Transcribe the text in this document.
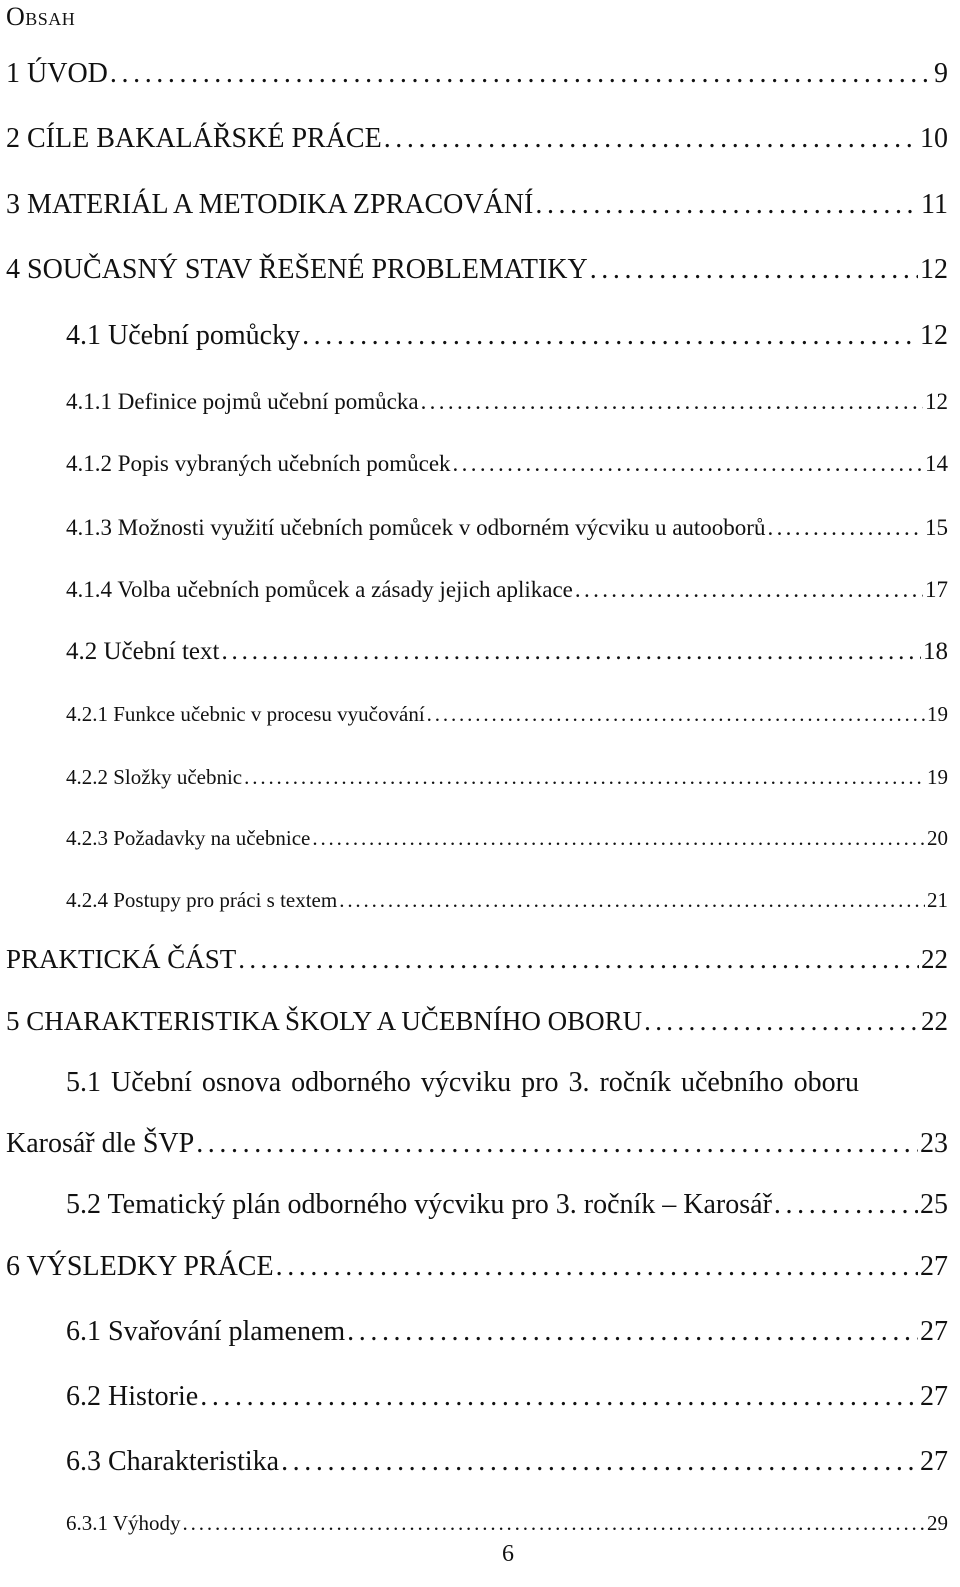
Obsah
1 ÚVOD . . .	9
2 CÍLE BAKALÁŘSKÉ PRÁCE . . .	10
3 MATERIÁL A METODIKA ZPRACOVÁNÍ . . .	11
4 SOUČASNÝ STAV ŘEŠENÉ PROBLEMATIKY . . .	12
4.1 Učební pomůcky . . .	12
4.1.1 Definice pojmů učební pomůcka . . .	12
4.1.2 Popis vybraných učebních pomůcek . . .	14
4.1.3 Možnosti využití učebních pomůcek v odborném výcviku u autooborů . . .	15
4.1.4 Volba učebních pomůcek a zásady jejich aplikace . . .	17
4.2 Učební text . . .	18
4.2.1 Funkce učebnic v procesu vyučování . . .	19
4.2.2 Složky učebnic . . .	19
4.2.3 Požadavky na učebnice . . .	20
4.2.4 Postupy pro práci s textem . . .	21
PRAKTICKÁ ČÁST . . .	22
5 CHARAKTERISTIKA ŠKOLY A UČEBNÍHO OBORU . . .	22
5.1 Učební osnova odborného výcviku pro 3. ročník učebního oboru
Karosář dle ŠVP . . .	23
5.2 Tematický plán odborného výcviku pro 3. ročník – Karosář . . .	25
6 VÝSLEDKY PRÁCE . . .	27
6.1 Svařování plamenem . . .	27
6.2 Historie . . .	27
6.3 Charakteristika . . .	27
6.3.1 Výhody . . .	29
6
